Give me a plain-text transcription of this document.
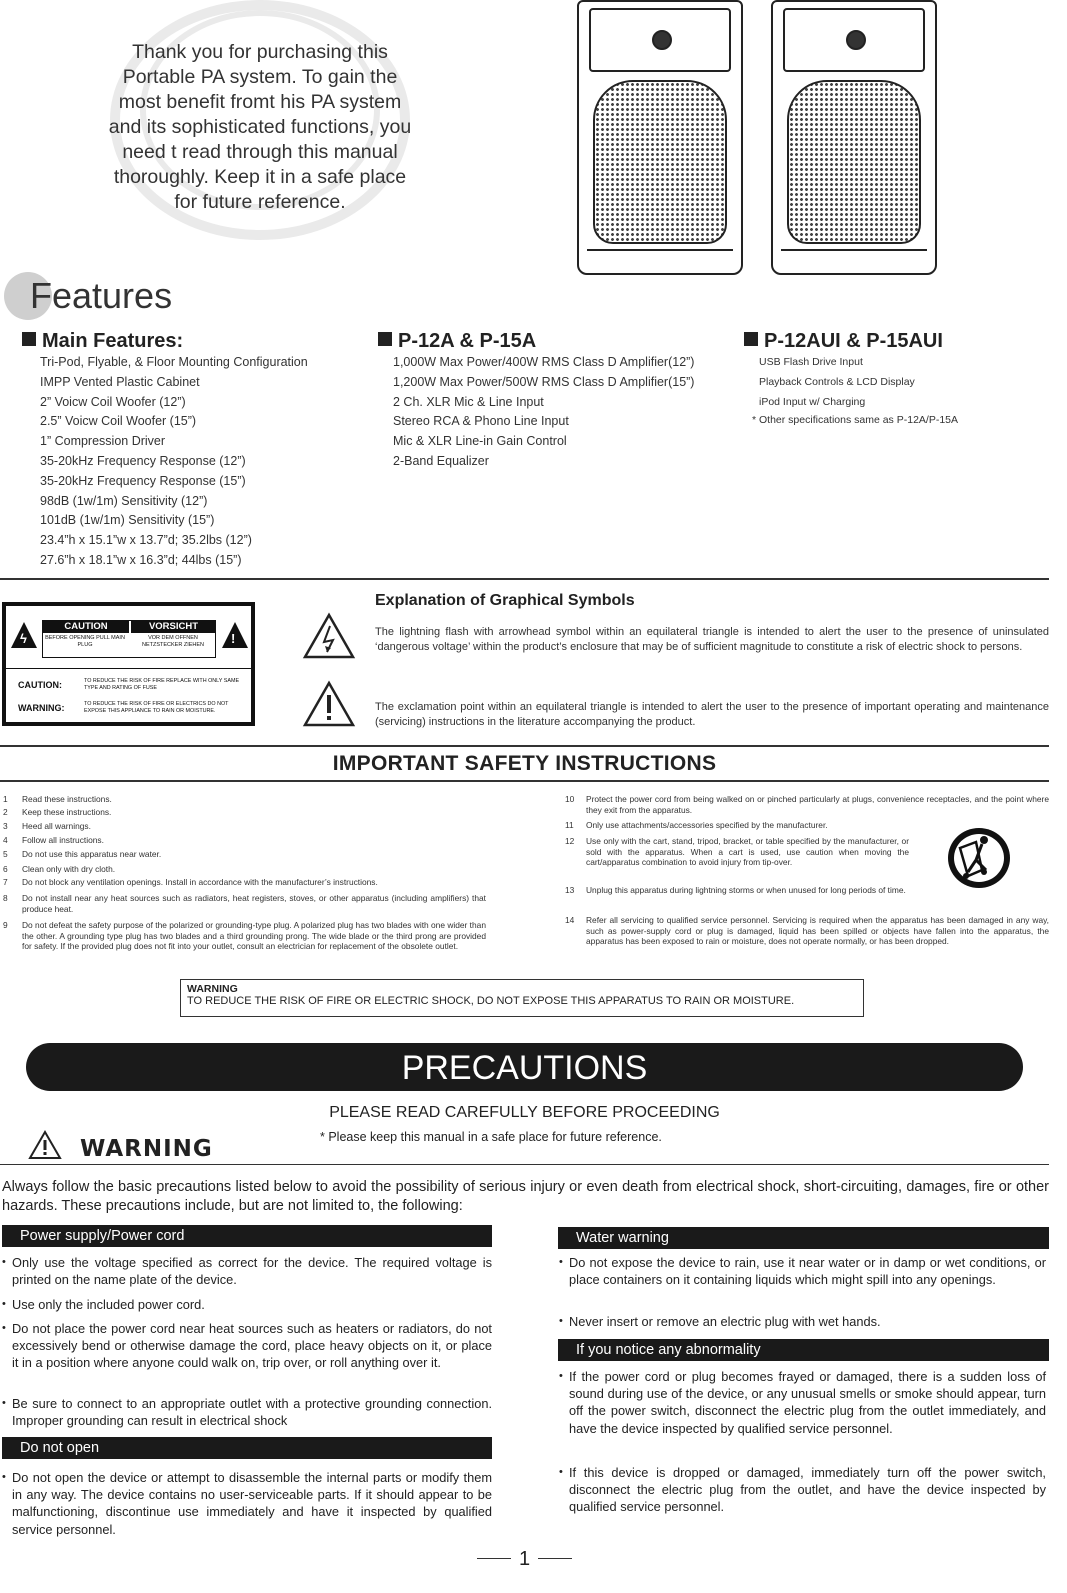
Thank you for purchasing this Portable PA system. To gain the most benefit fromt his PA system and its sophisticated functions, you need t read through this manual thoroughly. Keep it in a safe place for future reference.
Features
Main Features:
Tri-Pod, Flyable, & Floor Mounting Configuration
IMPP Vented Plastic Cabinet
2” Voicw Coil Woofer (12”)
2.5” Voicw Coil Woofer (15”)
1” Compression Driver
35-20kHz Frequency Response (12”)
35-20kHz Frequency Response (15”)
98dB (1w/1m) Sensitivity (12”)
101dB (1w/1m) Sensitivity (15”)
23.4”h x 15.1”w x 13.7”d; 35.2lbs (12”)
27.6”h x 18.1”w x 16.3”d; 44lbs (15”)
P-12A & P-15A
1,000W Max Power/400W RMS Class D Amplifier(12”)
1,200W Max Power/500W RMS Class D Amplifier(15”)
2 Ch. XLR Mic & Line Input
Stereo RCA & Phono Line Input
Mic & XLR Line-in Gain Control
2-Band Equalizer
P-12AUI & P-15AUI
USB Flash Drive Input
Playback Controls & LCD Display
iPod Input w/ Charging
* Other specifications same as P-12A/P-15A
ϟ	!
CAUTION	VORSICHT
BEFORE OPENING PULL MAIN PLUG
VOR DEM OFFNEN NETZSTECKER ZIEHEN
CAUTION:	TO REDUCE THE RISK OF FIRE REPLACE WITH ONLY SAME TYPE AND RATING OF FUSE
WARNING:	TO REDUCE THE RISK OF FIRE OR ELECTRICS DO NOT EXPOSE THIS APPLIANCE TO RAIN OR MOISTURE.
Explanation of Graphical Symbols
The lightning flash with arrowhead symbol within an equilateral triangle is intended to alert the user to the presence of uninsulated ‘dangerous voltage’ within the product’s enclosure that may be of sufficient magnitude to constitute a risk of electric shock to persons.
The exclamation point within an equilateral triangle is intended to alert the user to the presence of important operating and maintenance (servicing) instructions in the literature accompanying the product.
IMPORTANT SAFETY INSTRUCTIONS
1 Read these instructions.
2 Keep these instructions.
3 Heed all warnings.
4 Follow all instructions.
5 Do not use this apparatus near water.
6 Clean only with dry cloth.
7 Do not block any ventilation openings. Install in accordance with the manufacturer’s instructions.
8 Do not install near any heat sources such as radiators, heat registers, stoves, or other apparatus (including amplifiers) that produce heat.
9 Do not defeat the safety purpose of the polarized or grounding-type plug. A polarized plug has two blades with one wider than the other. A grounding type plug has two blades and a third grounding prong. The wide blade or the third prong are provided for safety. If the provided plug does not fit into your outlet, consult an electrician for replacement of the obsolete outlet.
10 Protect the power cord from being walked on or pinched particularly at plugs, convenience receptacles, and the point where they exit from the apparatus.
11 Only use attachments/accessories specified by the manufacturer.
12 Use only with the cart, stand, tripod, bracket, or table specified by the manufacturer, or sold with the apparatus. When a cart is used, use caution when moving the cart/apparatus combination to avoid injury from tip-over.
13 Unplug this apparatus during lightning storms or when unused for long periods of time.
14 Refer all servicing to qualified service personnel. Servicing is required when the apparatus has been damaged in any way, such as power-supply cord or plug is damaged, liquid has been spilled or objects have fallen into the apparatus, the apparatus has been exposed to rain or moisture, does not operate normally, or has been dropped.
WARNING
TO REDUCE THE RISK OF FIRE OR ELECTRIC SHOCK, DO NOT EXPOSE THIS APPARATUS TO RAIN OR MOISTURE.
PRECAUTIONS
PLEASE READ CAREFULLY BEFORE PROCEEDING
* Please keep this manual in a safe place for future reference.
WARNING
Always follow the basic precautions listed below to avoid the possibility of serious injury or even death from electrical shock, short-circuiting, damages, fire or other hazards. These precautions include, but are not limited to, the following:
Power supply/Power cord
• Only use the voltage specified as correct for the device. The required voltage is printed on the name plate of the device.
• Use only the included power cord.
• Do not place the power cord near heat sources such as heaters or radiators, do not excessively bend or otherwise damage the cord, place heavy objects on it, or place it in a position where anyone could walk on, trip over, or roll anything over it.
• Be sure to connect to an appropriate outlet with a protective grounding connection. Improper grounding can result in electrical shock
Do not open
• Do not open the device or attempt to disassemble the internal parts or modify them in any way. The device contains no user-serviceable parts. If it should appear to be malfunctioning, discontinue use immediately and have it inspected by qualified service personnel.
Water warning
• Do not expose the device to rain, use it near water or in damp or wet conditions, or place containers on it containing liquids which might spill into any openings.
• Never insert or remove an electric plug with wet hands.
If you notice any abnormality
• If the power cord or plug becomes frayed or damaged, there is a sudden loss of sound during use of the device, or any unusual smells or smoke should appear, turn off the power switch, disconnect the electric plug from the outlet immediately, and have the device inspected by qualified service personnel.
• If this device is dropped or damaged, immediately turn off the power switch, disconnect the electric plug from the outlet, and have the device inspected by qualified service personnel.
1
